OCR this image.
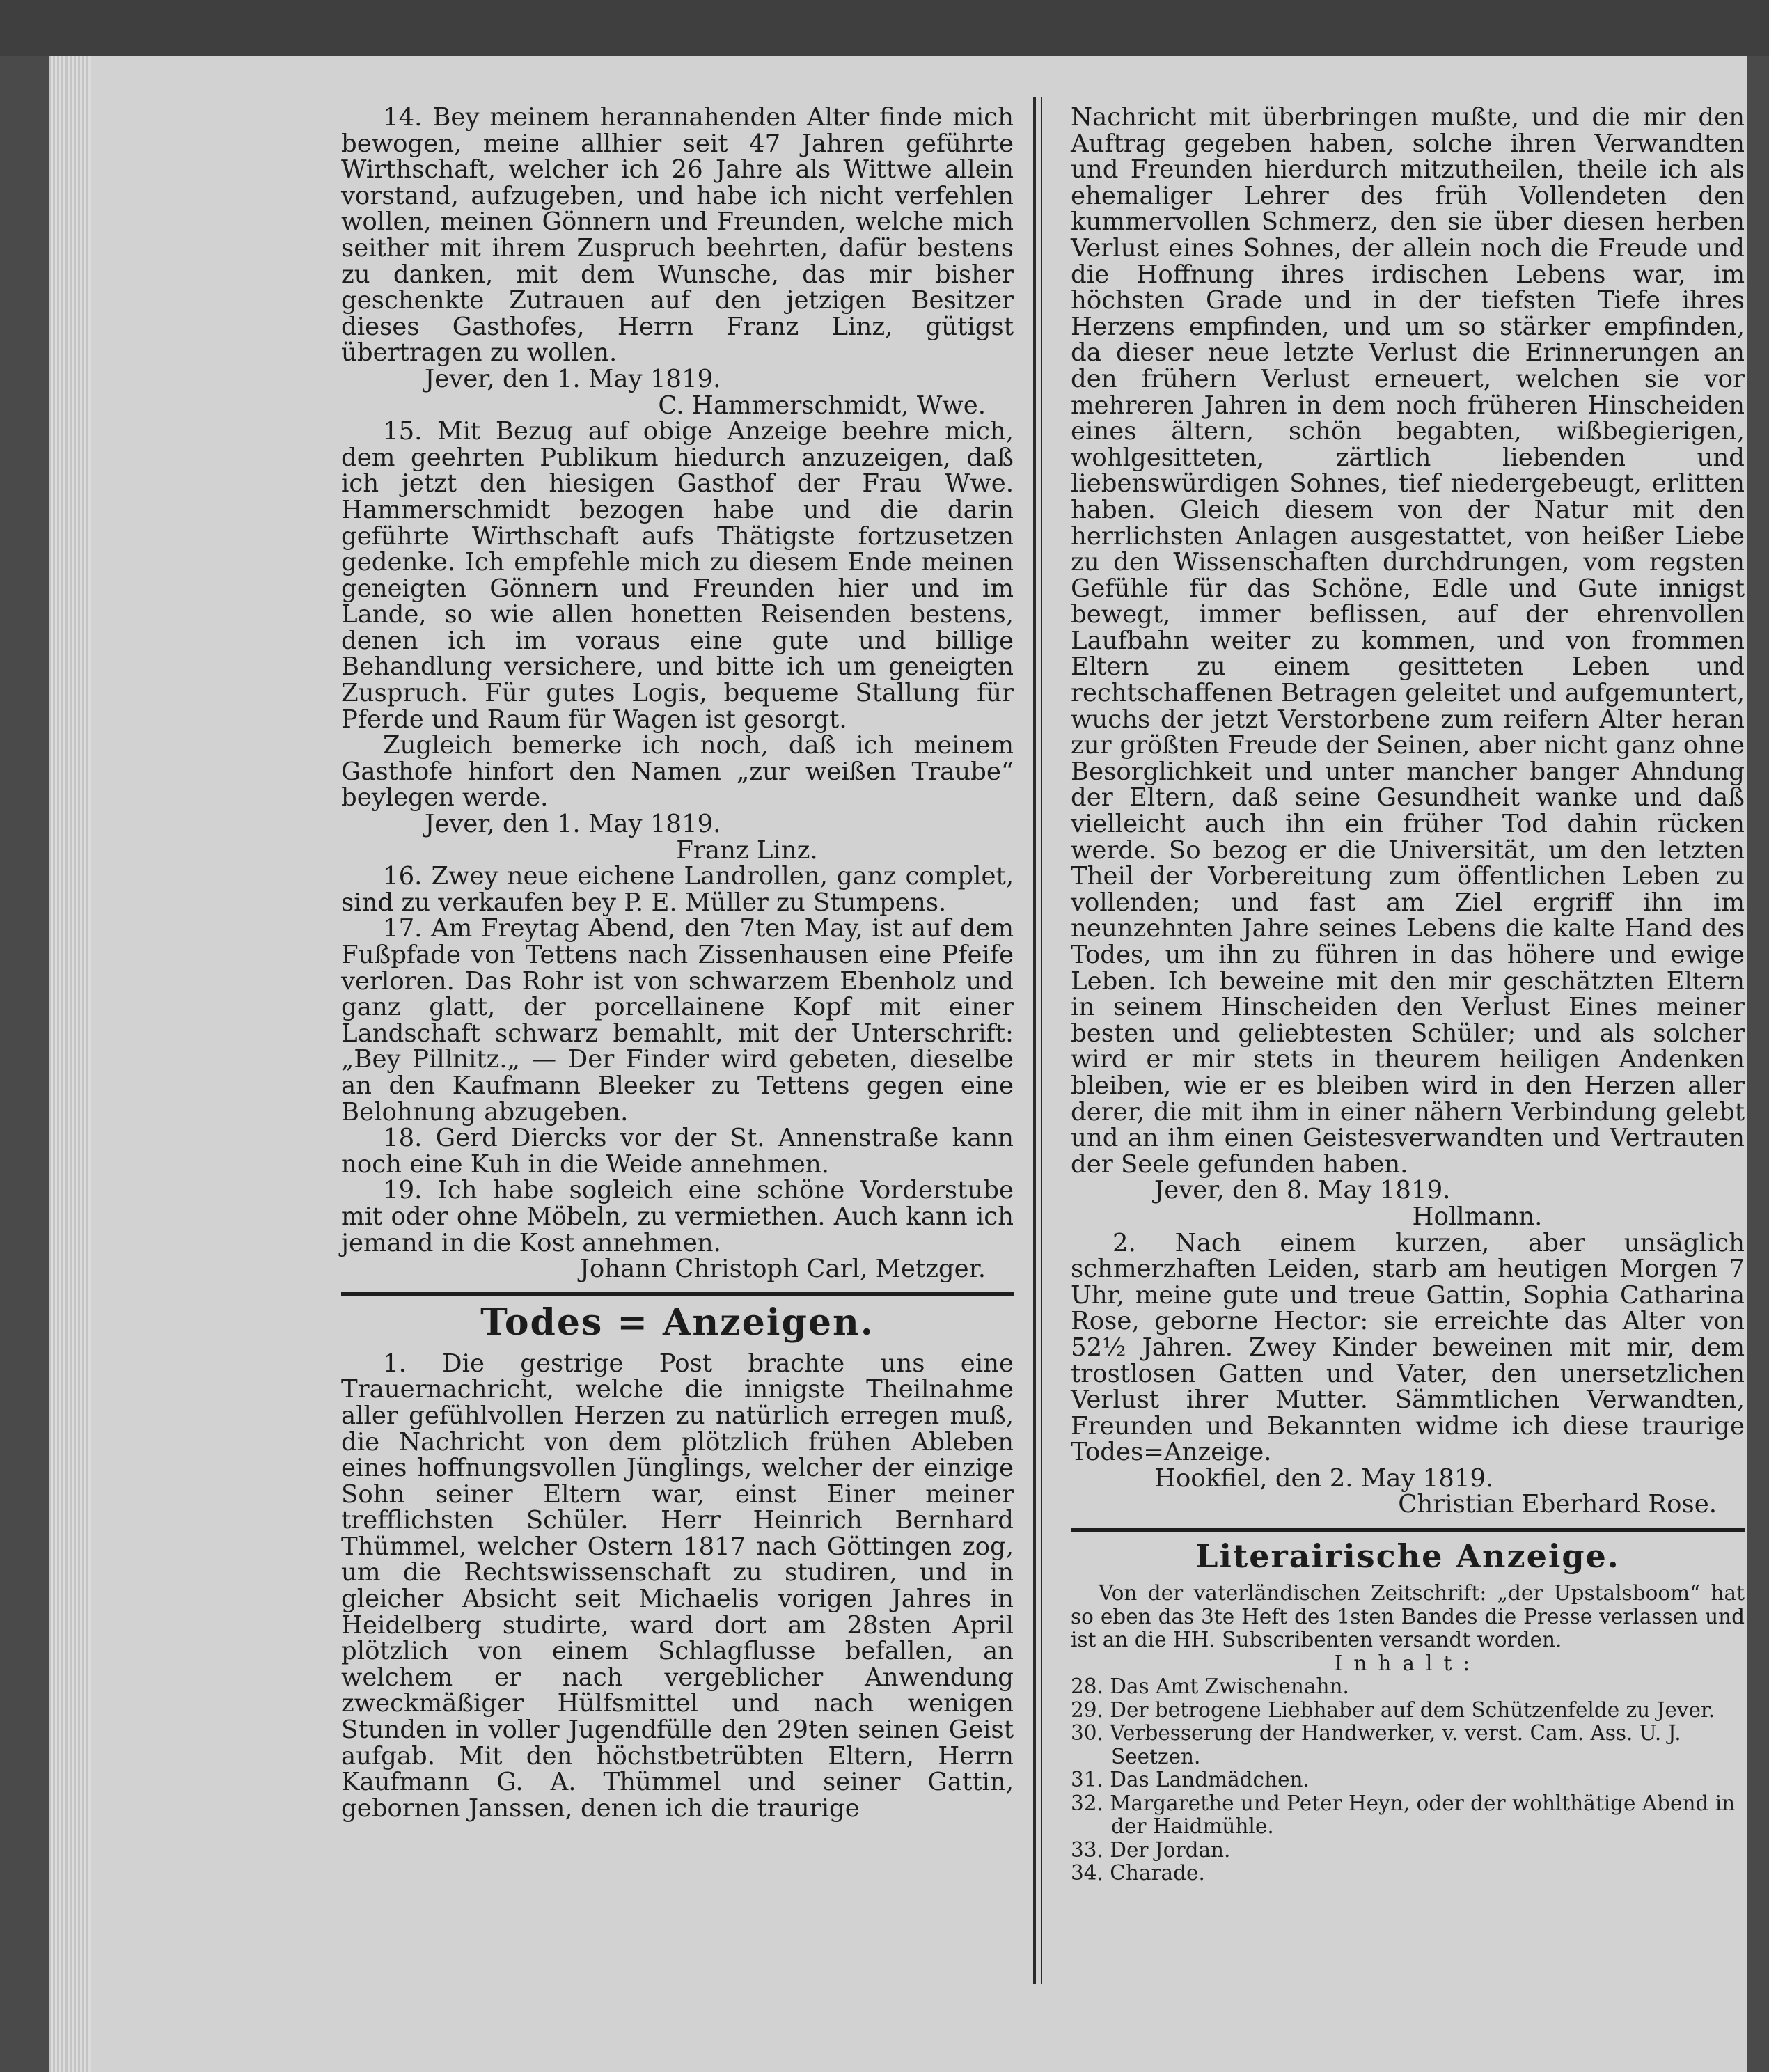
14. Bey meinem herannahenden Alter finde mich bewogen, meine allhier seit 47 Jahren geführte Wirthschaft, welcher ich 26 Jahre als Wittwe allein vorstand, aufzugeben, und habe ich nicht verfehlen wollen, meinen Gönnern und Freunden, welche mich seither mit ihrem Zuspruch beehrten, dafür bestens zu danken, mit dem Wunsche, das mir bisher geschenkte Zutrauen auf den jetzigen Besitzer dieses Gasthofes, Herrn Franz Linz, gütigst übertragen zu wollen.

Jever, den 1. May 1819.

C. Hammerschmidt, Wwe.

15. Mit Bezug auf obige Anzeige beehre mich, dem geehrten Publikum hiedurch anzuzeigen, daß ich jetzt den hiesigen Gasthof der Frau Wwe. Hammerschmidt bezogen habe und die darin geführte Wirthschaft aufs Thätigste fortzusetzen gedenke. Ich empfehle mich zu diesem Ende meinen geneigten Gönnern und Freunden hier und im Lande, so wie allen honetten Reisenden bestens, denen ich im voraus eine gute und billige Behandlung versichere, und bitte ich um geneigten Zuspruch. Für gutes Logis, bequeme Stallung für Pferde und Raum für Wagen ist gesorgt.

Zugleich bemerke ich noch, daß ich meinem Gasthofe hinfort den Namen „zur weißen Traube“ beylegen werde.

Jever, den 1. May 1819.

Franz Linz.

16. Zwey neue eichene Landrollen, ganz complet, sind zu verkaufen bey P. E. Müller zu Stumpens.

17. Am Freytag Abend, den 7ten May, ist auf dem Fußpfade von Tettens nach Zissenhausen eine Pfeife verloren. Das Rohr ist von schwarzem Ebenholz und ganz glatt, der porcellainene Kopf mit einer Landschaft schwarz bemahlt, mit der Unterschrift: „Bey Pillnitz.„ — Der Finder wird gebeten, dieselbe an den Kaufmann Bleeker zu Tettens gegen eine Belohnung abzugeben.

18. Gerd Diercks vor der St. Annenstraße kann noch eine Kuh in die Weide annehmen.

19. Ich habe sogleich eine schöne Vorderstube mit oder ohne Möbeln, zu vermiethen. Auch kann ich jemand in die Kost annehmen.

Johann Christoph Carl, Metzger.

Todes = Anzeigen.

1. Die gestrige Post brachte uns eine Trauernachricht, welche die innigste Theilnahme aller gefühlvollen Herzen zu natürlich erregen muß, die Nachricht von dem plötzlich frühen Ableben eines hoffnungsvollen Jünglings, welcher der einzige Sohn seiner Eltern war, einst Einer meiner trefflichsten Schüler. Herr Heinrich Bernhard Thümmel, welcher Ostern 1817 nach Göttingen zog, um die Rechtswissenschaft zu studiren, und in gleicher Absicht seit Michaelis vorigen Jahres in Heidelberg studirte, ward dort am 28sten April plötzlich von einem Schlagflusse befallen, an welchem er nach vergeblicher Anwendung zweckmäßiger Hülfsmittel und nach wenigen Stunden in voller Jugendfülle den 29ten seinen Geist aufgab. Mit den höchstbetrübten Eltern, Herrn Kaufmann G. A. Thümmel und seiner Gattin, gebornen Janssen, denen ich die traurige

Nachricht mit überbringen mußte, und die mir den Auftrag gegeben haben, solche ihren Verwandten und Freunden hierdurch mitzutheilen, theile ich als ehemaliger Lehrer des früh Vollendeten den kummervollen Schmerz, den sie über diesen herben Verlust eines Sohnes, der allein noch die Freude und die Hoffnung ihres irdischen Lebens war, im höchsten Grade und in der tiefsten Tiefe ihres Herzens empfinden, und um so stärker empfinden, da dieser neue letzte Verlust die Erinnerungen an den frühern Verlust erneuert, welchen sie vor mehreren Jahren in dem noch früheren Hinscheiden eines ältern, schön begabten, wißbegierigen, wohlgesitteten, zärtlich liebenden und liebenswürdigen Sohnes, tief niedergebeugt, erlitten haben. Gleich diesem von der Natur mit den herrlichsten Anlagen ausgestattet, von heißer Liebe zu den Wissenschaften durchdrungen, vom regsten Gefühle für das Schöne, Edle und Gute innigst bewegt, immer beflissen, auf der ehrenvollen Laufbahn weiter zu kommen, und von frommen Eltern zu einem gesitteten Leben und rechtschaffenen Betragen geleitet und aufgemuntert, wuchs der jetzt Verstorbene zum reifern Alter heran zur größten Freude der Seinen, aber nicht ganz ohne Besorglichkeit und unter mancher banger Ahndung der Eltern, daß seine Gesundheit wanke und daß vielleicht auch ihn ein früher Tod dahin rücken werde. So bezog er die Universität, um den letzten Theil der Vorbereitung zum öffentlichen Leben zu vollenden; und fast am Ziel ergriff ihn im neunzehnten Jahre seines Lebens die kalte Hand des Todes, um ihn zu führen in das höhere und ewige Leben. Ich beweine mit den mir geschätzten Eltern in seinem Hinscheiden den Verlust Eines meiner besten und geliebtesten Schüler; und als solcher wird er mir stets in theurem heiligen Andenken bleiben, wie er es bleiben wird in den Herzen aller derer, die mit ihm in einer nähern Verbindung gelebt und an ihm einen Geistesverwandten und Vertrauten der Seele gefunden haben.

Jever, den 8. May 1819.

Hollmann.

2. Nach einem kurzen, aber unsäglich schmerzhaften Leiden, starb am heutigen Morgen 7 Uhr, meine gute und treue Gattin, Sophia Catharina Rose, geborne Hector: sie erreichte das Alter von 52½ Jahren. Zwey Kinder beweinen mit mir, dem trostlosen Gatten und Vater, den unersetzlichen Verlust ihrer Mutter. Sämmtlichen Verwandten, Freunden und Bekannten widme ich diese traurige Todes=Anzeige.

Hookfiel, den 2. May 1819.

Christian Eberhard Rose.

Literairische Anzeige.

Von der vaterländischen Zeitschrift: „der Upstalsboom“ hat so eben das 3te Heft des 1sten Bandes die Presse verlassen und ist an die HH. Subscribenten versandt worden.

Inhalt:

28. Das Amt Zwischenahn.
29. Der betrogene Liebhaber auf dem Schützenfelde zu Jever.
30. Verbesserung der Handwerker, v. verst. Cam. Ass. U. J. Seetzen.
31. Das Landmädchen.
32. Margarethe und Peter Heyn, oder der wohlthätige Abend in der Haidmühle.
33. Der Jordan.
34. Charade.
